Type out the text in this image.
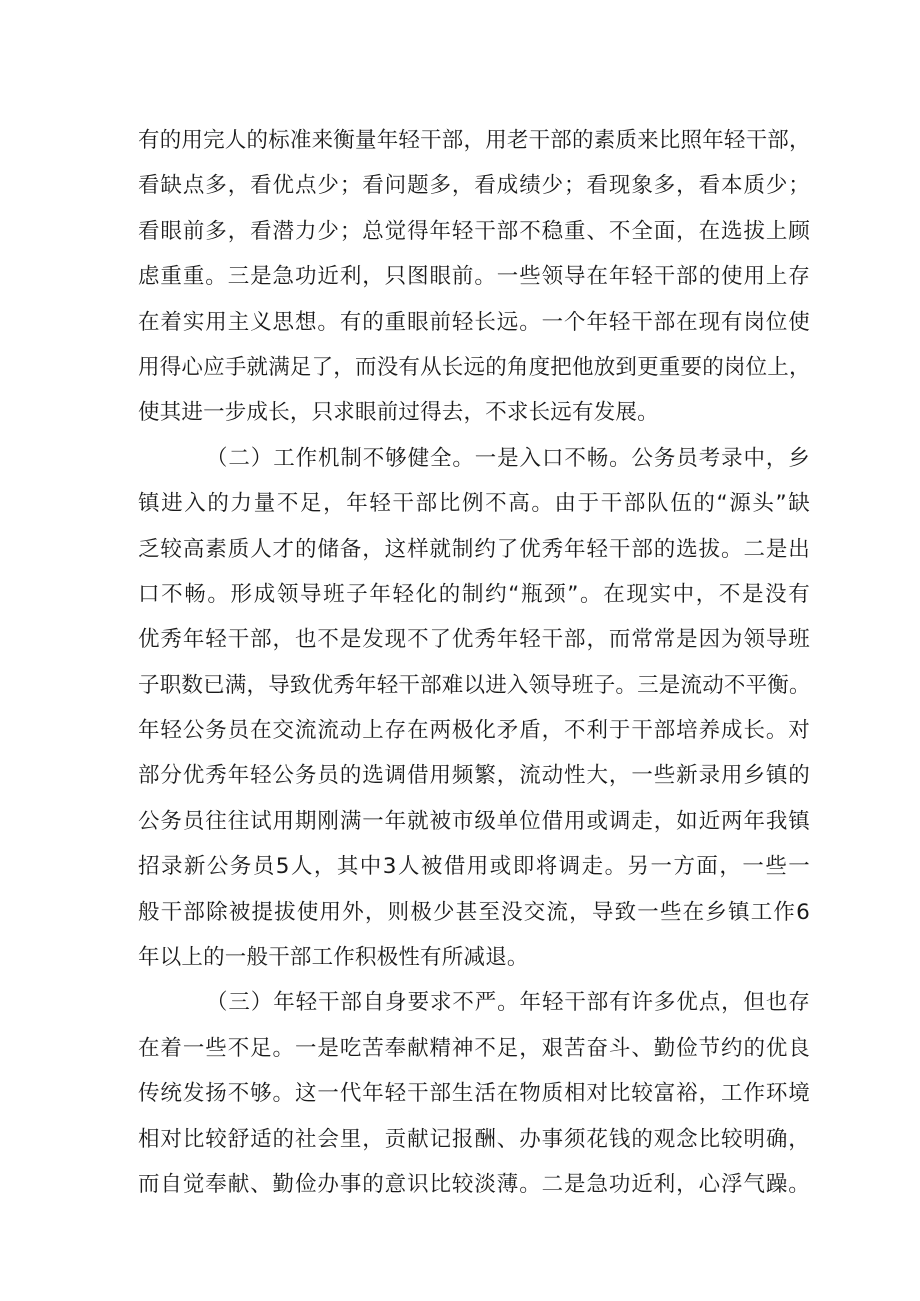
有的用完人的标准来衡量年轻干部，用老干部的素质来比照年轻干部，
看缺点多，看优点少；看问题多，看成绩少；看现象多，看本质少；
看眼前多，看潜力少；总觉得年轻干部不稳重、不全面，在选拔上顾
虑重重。三是急功近利，只图眼前。一些领导在年轻干部的使用上存
在着实用主义思想。有的重眼前轻长远。一个年轻干部在现有岗位使
用得心应手就满足了，而没有从长远的角度把他放到更重要的岗位上，
使其进一步成长，只求眼前过得去，不求长远有发展。
（二）工作机制不够健全。一是入口不畅。公务员考录中，乡
镇进入的力量不足，年轻干部比例不高。由于干部队伍的“源头”缺
乏较高素质人才的储备，这样就制约了优秀年轻干部的选拔。二是出
口不畅。形成领导班子年轻化的制约“瓶颈”。在现实中，不是没有
优秀年轻干部，也不是发现不了优秀年轻干部，而常常是因为领导班
子职数已满，导致优秀年轻干部难以进入领导班子。三是流动不平衡。
年轻公务员在交流流动上存在两极化矛盾，不利于干部培养成长。对
部分优秀年轻公务员的选调借用频繁，流动性大，一些新录用乡镇的
公务员往往试用期刚满一年就被市级单位借用或调走，如近两年我镇
招录新公务员5人，其中3人被借用或即将调走。另一方面，一些一
般干部除被提拔使用外，则极少甚至没交流，导致一些在乡镇工作6
年以上的一般干部工作积极性有所减退。
（三）年轻干部自身要求不严。年轻干部有许多优点，但也存
在着一些不足。一是吃苦奉献精神不足，艰苦奋斗、勤俭节约的优良
传统发扬不够。这一代年轻干部生活在物质相对比较富裕，工作环境
相对比较舒适的社会里，贡献记报酬、办事须花钱的观念比较明确，
而自觉奉献、勤俭办事的意识比较淡薄。二是急功近利，心浮气躁。
